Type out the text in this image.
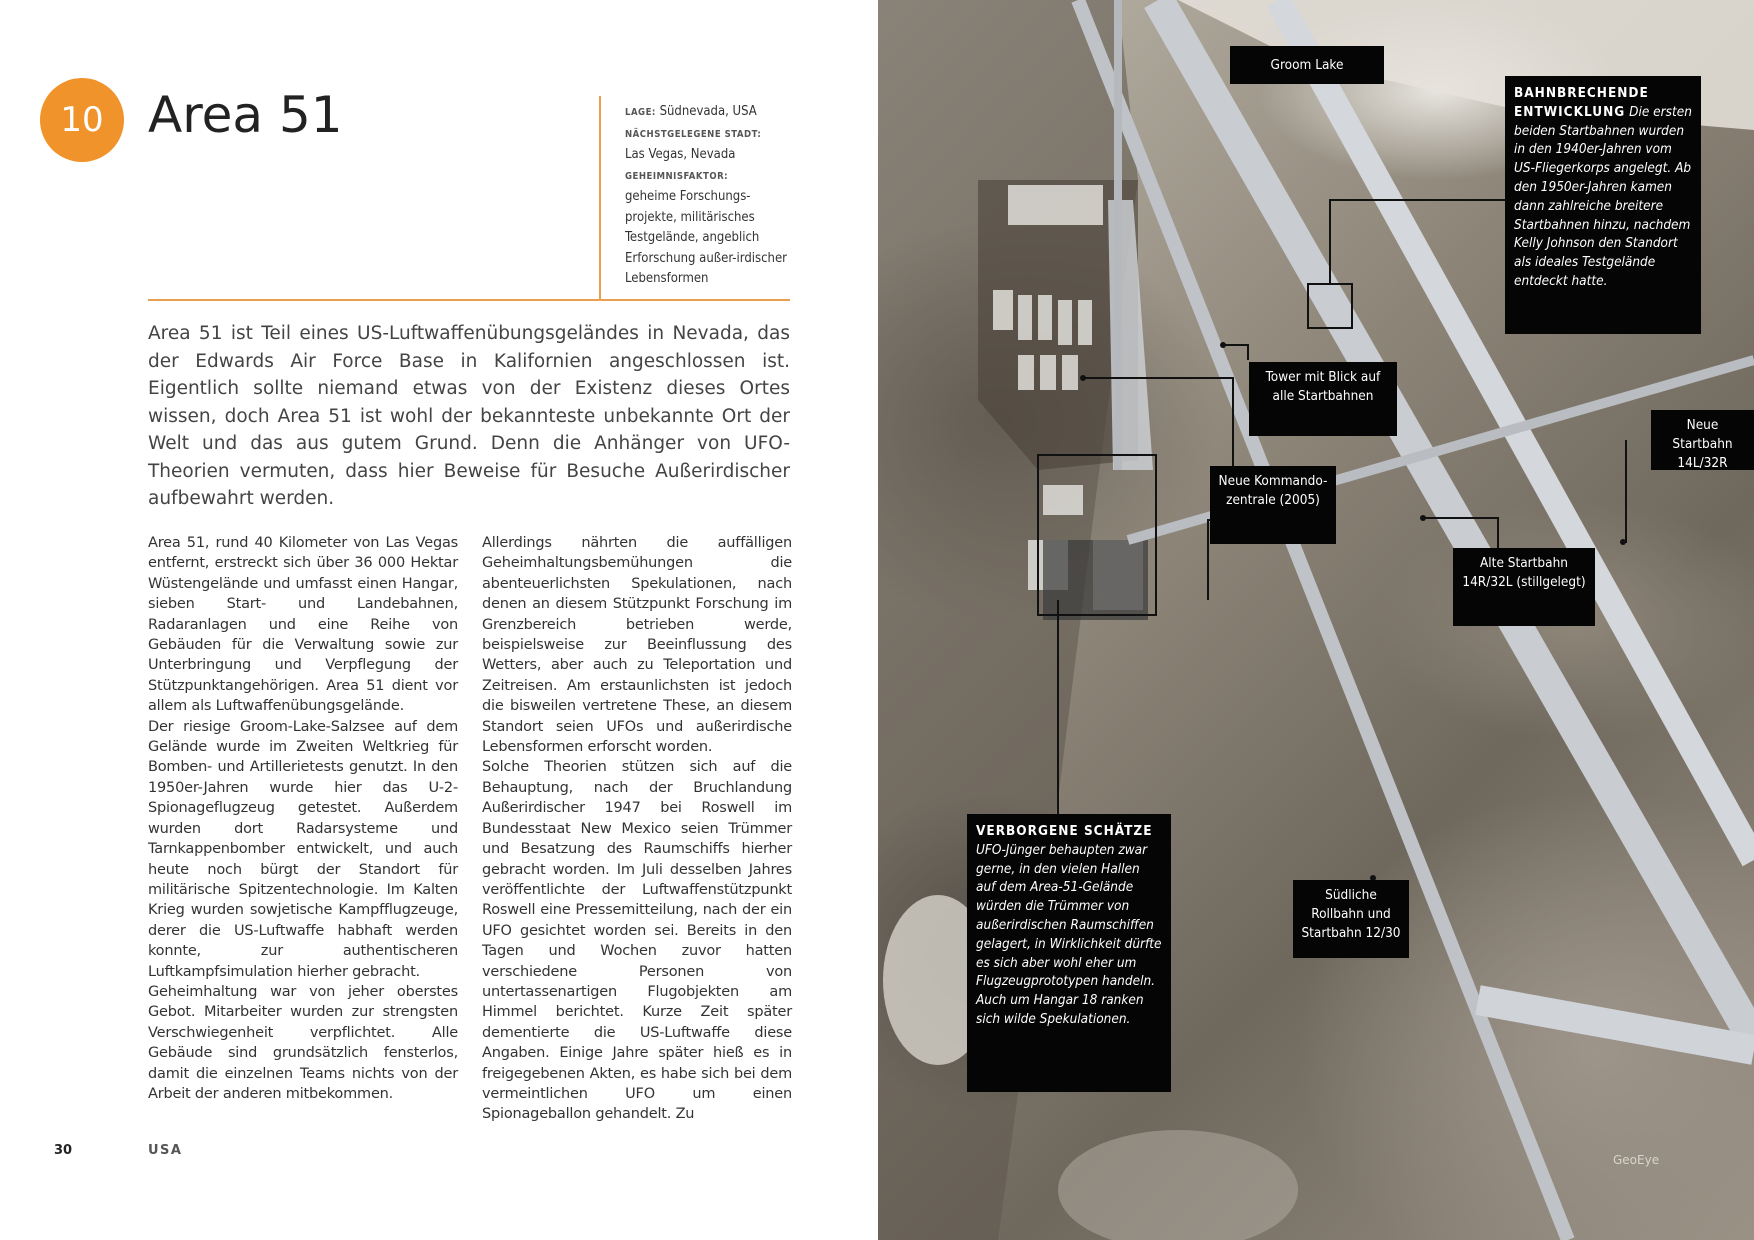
10 Area 51	LAGE: Südnevada, USA
NÄCHSTGELEGENE STADT:
Las Vegas, Nevada
GEHEIMNISFAKTOR:
geheime Forschungs-projekte, militärisches Testgelände, angeblich Erforschung außer-irdischer Lebensformen
Area 51 ist Teil eines US-Luftwaffenübungsgeländes in Nevada, das der Edwards Air Force Base in Kalifornien angeschlossen ist. Eigentlich sollte niemand etwas von der Existenz dieses Ortes wissen, doch Area 51 ist wohl der bekannteste unbekannte Ort der Welt und das aus gutem Grund. Denn die Anhänger von UFO-Theorien vermuten, dass hier Beweise für Besuche Außerirdischer aufbewahrt werden.

Area 51, rund 40 Kilometer von Las Vegas entfernt, erstreckt sich über 36 000 Hektar Wüstengelände und umfasst einen Hangar, sieben Start- und Landebahnen, Radaranlagen und eine Reihe von Gebäuden für die Verwaltung sowie zur Unterbringung und Verpflegung der Stützpunktangehörigen. Area 51 dient vor allem als Luftwaffenübungsgelände.

Der riesige Groom-Lake-Salzsee auf dem Gelände wurde im Zweiten Weltkrieg für Bomben- und Artillerietests genutzt. In den 1950er-Jahren wurde hier das U-2-Spionageflugzeug getestet. Außerdem wurden dort Radarsysteme und Tarnkappenbomber entwickelt, und auch heute noch bürgt der Standort für militärische Spitzentechnologie. Im Kalten Krieg wurden sowjetische Kampfflugzeuge, derer die US-Luftwaffe habhaft werden konnte, zur authentischeren Luftkampfsimulation hierher gebracht.

Geheimhaltung war von jeher oberstes Gebot. Mitarbeiter wurden zur strengsten Verschwiegenheit verpflichtet. Alle Gebäude sind grundsätzlich fensterlos, damit die einzelnen Teams nichts von der Arbeit der anderen mitbekommen.

Allerdings nährten die auffälligen Geheimhaltungsbemühungen die abenteuerlichsten Spekulationen, nach denen an diesem Stützpunkt Forschung im Grenzbereich betrieben werde, beispielsweise zur Beeinflussung des Wetters, aber auch zu Teleportation und Zeitreisen. Am erstaunlichsten ist jedoch die bisweilen vertretene These, an diesem Standort seien UFOs und außerirdische Lebensformen erforscht worden.

Solche Theorien stützen sich auf die Behauptung, nach der Bruchlandung Außerirdischer 1947 bei Roswell im Bundesstaat New Mexico seien Trümmer und Besatzung des Raumschiffs hierher gebracht worden. Im Juli desselben Jahres veröffentlichte der Luftwaffenstützpunkt Roswell eine Pressemitteilung, nach der ein UFO gesichtet worden sei. Bereits in den Tagen und Wochen zuvor hatten verschiedene Personen von untertassenartigen Flugobjekten am Himmel berichtet. Kurze Zeit später dementierte die US-Luftwaffe diese Angaben. Einige Jahre später hieß es in freigegebenen Akten, es habe sich bei dem vermeintlichen UFO um einen Spionageballon gehandelt. Zu

30	USA
Groom Lake
Tower mit Blick auf alle Startbahnen
Neue Kommando-zentrale (2005)
Neue Startbahn 14L/32R
Alte Startbahn 14R/32L (stillgelegt)
Südliche Rollbahn und Startbahn 12/30
BAHNBRECHENDE ENTWICKLUNG Die ersten beiden Startbahnen wurden in den 1940er-Jahren vom US-Fliegerkorps angelegt. Ab den 1950er-Jahren kamen dann zahlreiche breitere Startbahnen hinzu, nachdem Kelly Johnson den Standort als ideales Testgelände entdeckt hatte.
VERBORGENE SCHÄTZE UFO-Jünger behaupten zwar gerne, in den vielen Hallen auf dem Area-51-Gelände würden die Trümmer von außerirdischen Raumschiffen gelagert, in Wirklichkeit dürfte es sich aber wohl eher um Flugzeugprototypen handeln. Auch um Hangar 18 ranken sich wilde Spekulationen.
GeoEye
